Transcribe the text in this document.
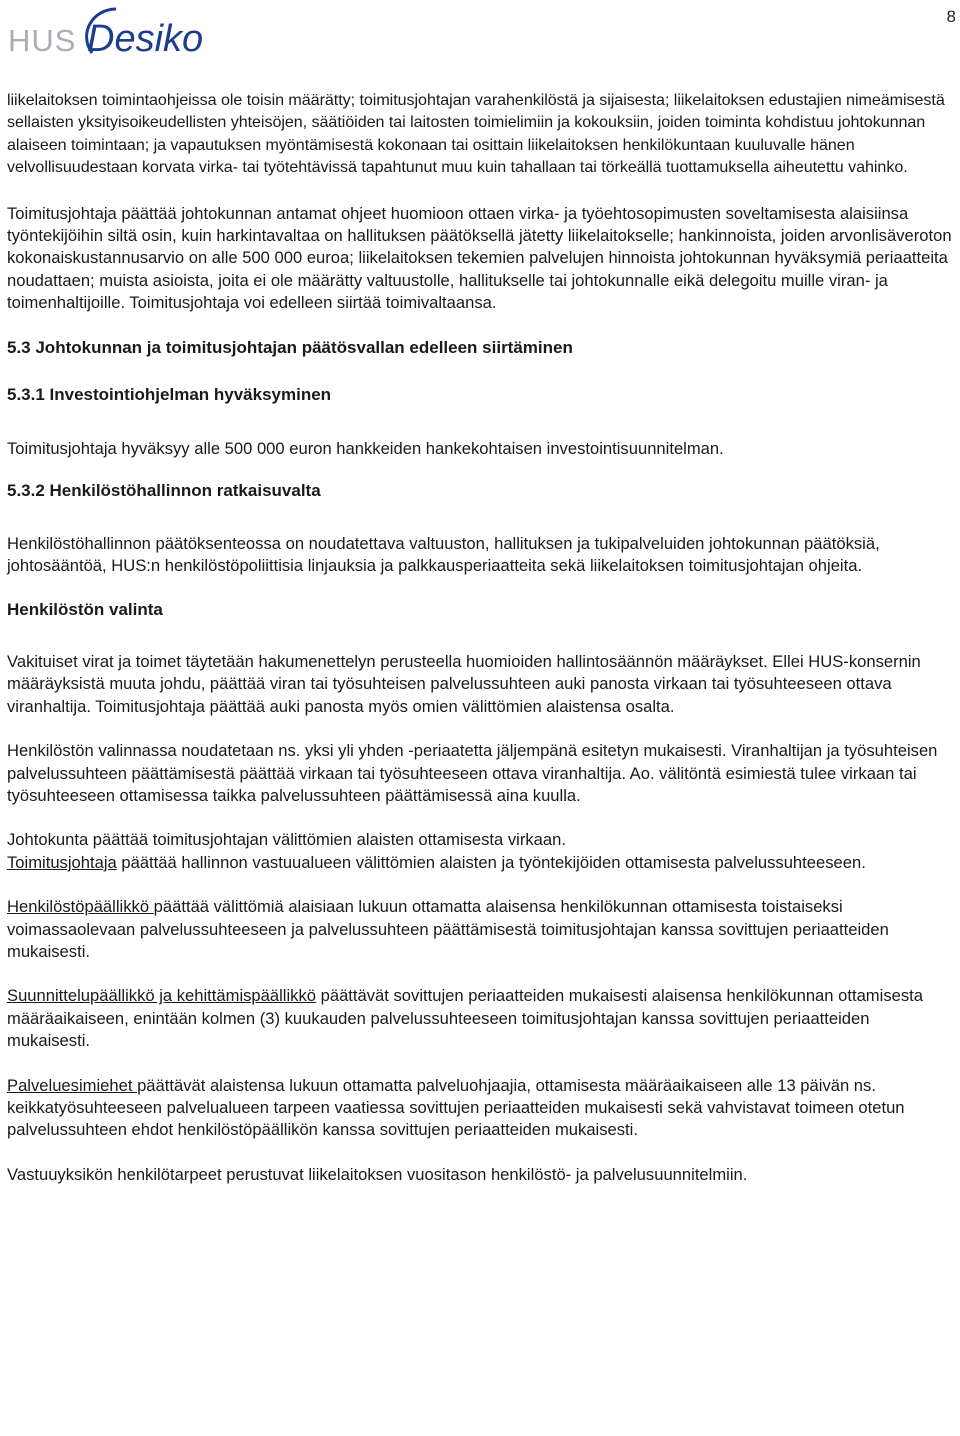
HUS Desiko
8

liikelaitoksen toimintaohjeissa ole toisin määrätty; toimitusjohtajan varahenkilöstä ja sijaisesta; liikelaitoksen edustajien nimeämisestä sellaisten yksityisoikeudellisten yhteisöjen, säätiöiden tai laitosten toimielimiin ja kokouksiin, joiden toiminta kohdistuu johtokunnan alaiseen toimintaan; ja vapautuksen myöntämisestä kokonaan tai osittain liikelaitoksen henkilökuntaan kuuluvalle hänen velvollisuudestaan korvata virka- tai työtehtävissä tapahtunut muu kuin tahallaan tai törkeällä tuottamuksella aiheutettu vahinko.

Toimitusjohtaja päättää johtokunnan antamat ohjeet huomioon ottaen virka- ja työehtosopimusten soveltamisesta alaisiinsa työntekijöihin siltä osin, kuin harkintavaltaa on hallituksen päätöksellä jätetty liikelaitokselle; hankinnoista, joiden arvonlisäveroton kokonaiskustannusarvio on alle 500 000 euroa; liikelaitoksen tekemien palvelujen hinnoista johtokunnan hyväksymiä periaatteita noudattaen; muista asioista, joita ei ole määrätty valtuustolle, hallitukselle tai johtokunnalle eikä delegoitu muille viran- ja toimenhaltijoille. Toimitusjohtaja voi edelleen siirtää toimivaltaansa.

5.3 Johtokunnan ja toimitusjohtajan päätösvallan edelleen siirtäminen
5.3.1 Investointiohjelman hyväksyminen

Toimitusjohtaja hyväksyy alle 500 000 euron hankkeiden hankekohtaisen investointisuunnitelman.

5.3.2 Henkilöstöhallinnon ratkaisuvalta

Henkilöstöhallinnon päätöksenteossa on noudatettava valtuuston, hallituksen ja tukipalveluiden johtokunnan päätöksiä, johtosääntöä, HUS:n henkilöstöpoliittisia linjauksia ja palkkausperiaatteita sekä liikelaitoksen toimitusjohtajan ohjeita.

Henkilöstön valinta

Vakituiset virat ja toimet täytetään hakumenettelyn perusteella huomioiden hallintosäännön määräykset. Ellei HUS-konsernin määräyksistä muuta johdu, päättää viran tai työsuhteisen palvelussuhteen auki panosta virkaan tai työsuhteeseen ottava viranhaltija. Toimitusjohtaja päättää auki panosta myös omien välittömien alaistensa osalta.

Henkilöstön valinnassa noudatetaan ns. yksi yli yhden -periaatetta jäljempänä esitetyn mukaisesti. Viranhaltijan ja työsuhteisen palvelussuhteen päättämisestä päättää virkaan tai työsuhteeseen ottava viranhaltija. Ao. välitöntä esimiestä tulee virkaan tai työsuhteeseen ottamisessa taikka palvelussuhteen päättämisessä aina kuulla.

Johtokunta päättää toimitusjohtajan välittömien alaisten ottamisesta virkaan.
Toimitusjohtaja päättää hallinnon vastuualueen välittömien alaisten ja työntekijöiden ottamisesta palvelussuhteeseen.

Henkilöstöpäällikkö päättää välittömiä alaisiaan lukuun ottamatta alaisensa henkilökunnan ottamisesta toistaiseksi voimassaolevaan palvelussuhteeseen ja palvelussuhteen päättämisestä toimitusjohtajan kanssa sovittujen periaatteiden mukaisesti.

Suunnittelupäällikkö ja kehittämispäällikkö päättävät sovittujen periaatteiden mukaisesti alaisensa henkilökunnan ottamisesta määräaikaiseen, enintään kolmen (3) kuukauden palvelussuhteeseen toimitusjohtajan kanssa sovittujen periaatteiden mukaisesti.

Palveluesimiehet päättävät alaistensa lukuun ottamatta palveluohjaajia, ottamisesta määräaikaiseen alle 13 päivän ns. keikkatyösuhteeseen palvelualueen tarpeen vaatiessa sovittujen periaatteiden mukaisesti sekä vahvistavat toimeen otetun palvelussuhteen ehdot henkilöstöpäällikön kanssa sovittujen periaatteiden mukaisesti.

Vastuuyksikön henkilötarpeet perustuvat liikelaitoksen vuositason henkilöstö- ja palvelusuunnitelmiin.
